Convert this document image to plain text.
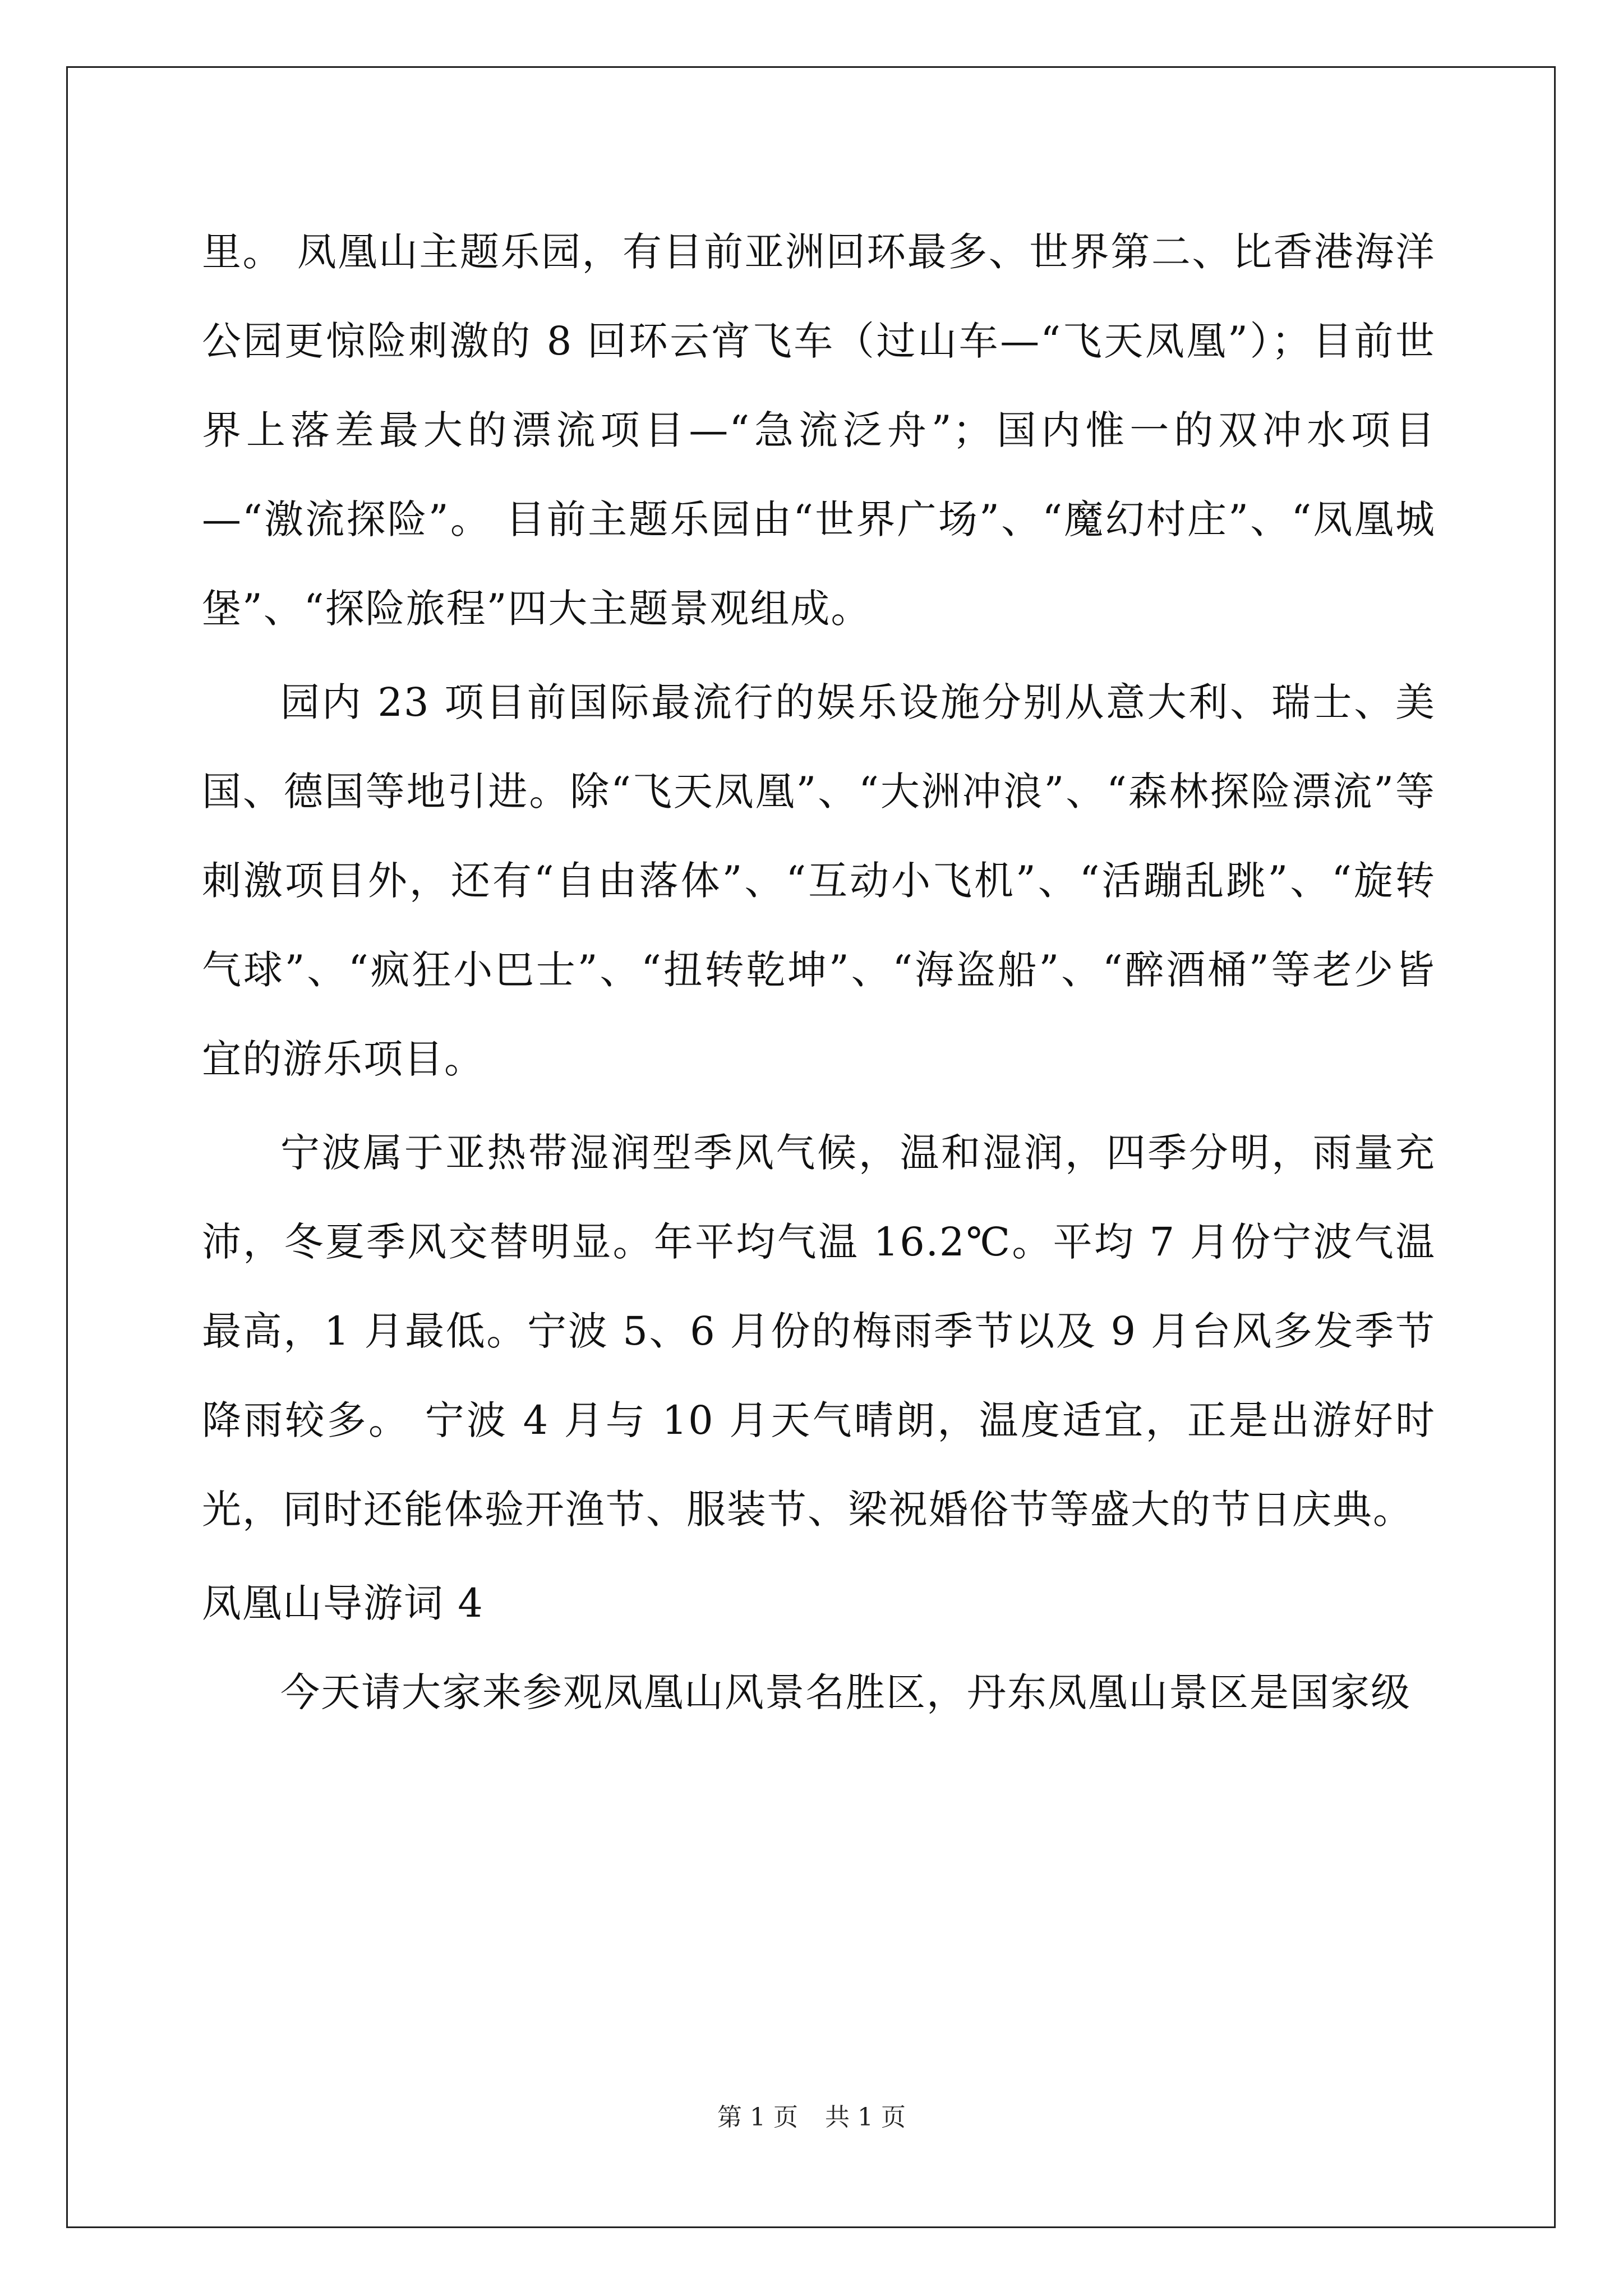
里。 凤凰山主题乐园，有目前亚洲回环最多、世界第二、比香港海洋公园更惊险刺激的 8 回环云宵飞车（过山车—“飞天凤凰”）；目前世界上落差最大的漂流项目—“急流泛舟”；国内惟一的双冲水项目—“激流探险”。 目前主题乐园由“世界广场”、“魔幻村庄”、“凤凰城堡”、“探险旅程”四大主题景观组成。

园内 23 项目前国际最流行的娱乐设施分别从意大利、瑞士、美国、德国等地引进。除“飞天凤凰”、“大洲冲浪”、“森林探险漂流”等刺激项目外，还有“自由落体”、“互动小飞机”、“活蹦乱跳”、“旋转气球”、“疯狂小巴士”、“扭转乾坤”、“海盗船”、“醉酒桶”等老少皆宜的游乐项目。

宁波属于亚热带湿润型季风气候，温和湿润，四季分明，雨量充沛，冬夏季风交替明显。年平均气温 16.2℃。平均 7 月份宁波气温最高，1 月最低。宁波 5、6 月份的梅雨季节以及 9 月台风多发季节降雨较多。 宁波 4 月与 10 月天气晴朗，温度适宜，正是出游好时光，同时还能体验开渔节、服装节、梁祝婚俗节等盛大的节日庆典。

凤凰山导游词 4

今天请大家来参观凤凰山风景名胜区，丹东凤凰山景区是国家级

第 1 页 共 1 页
